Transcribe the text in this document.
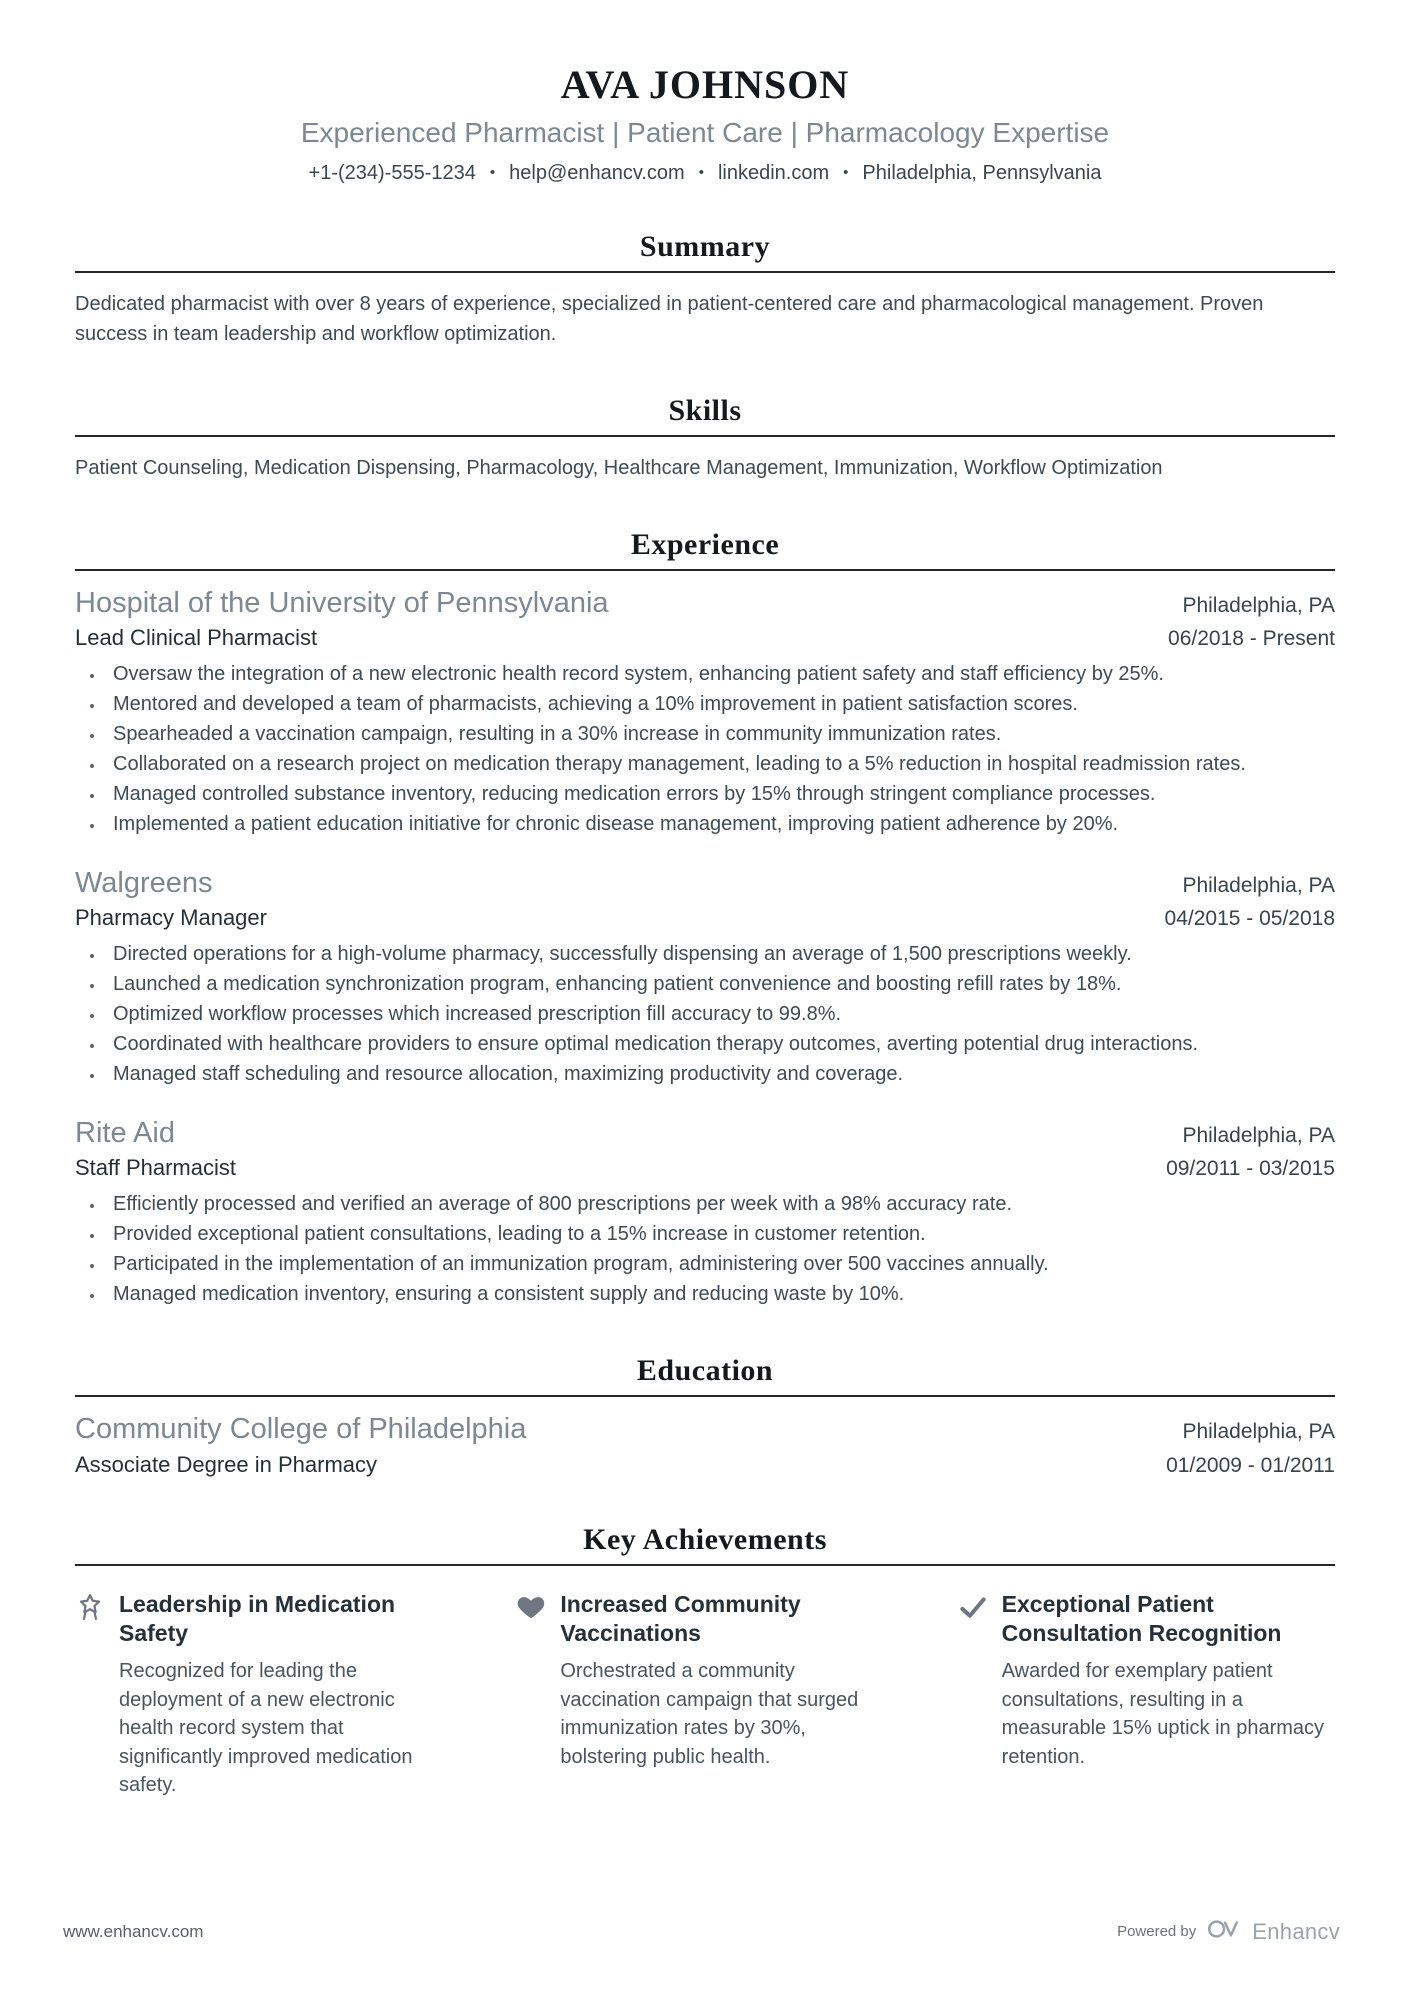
AVA JOHNSON
Experienced Pharmacist | Patient Care | Pharmacology Expertise
+1-(234)-555-1234 • help@enhancv.com • linkedin.com • Philadelphia, Pennsylvania
Summary

Dedicated pharmacist with over 8 years of experience, specialized in patient-centered care and pharmacological management. Proven success in team leadership and workflow optimization.

Skills

Patient Counseling, Medication Dispensing, Pharmacology, Healthcare Management, Immunization, Workflow Optimization

Experience
Hospital of the University of Pennsylvania	Philadelphia, PA
Lead Clinical Pharmacist	06/2018 - Present
• Oversaw the integration of a new electronic health record system, enhancing patient safety and staff efficiency by 25%.
• Mentored and developed a team of pharmacists, achieving a 10% improvement in patient satisfaction scores.
• Spearheaded a vaccination campaign, resulting in a 30% increase in community immunization rates.
• Collaborated on a research project on medication therapy management, leading to a 5% reduction in hospital readmission rates.
• Managed controlled substance inventory, reducing medication errors by 15% through stringent compliance processes.
• Implemented a patient education initiative for chronic disease management, improving patient adherence by 20%.
Walgreens	Philadelphia, PA
Pharmacy Manager	04/2015 - 05/2018
• Directed operations for a high-volume pharmacy, successfully dispensing an average of 1,500 prescriptions weekly.
• Launched a medication synchronization program, enhancing patient convenience and boosting refill rates by 18%.
• Optimized workflow processes which increased prescription fill accuracy to 99.8%.
• Coordinated with healthcare providers to ensure optimal medication therapy outcomes, averting potential drug interactions.
• Managed staff scheduling and resource allocation, maximizing productivity and coverage.
Rite Aid	Philadelphia, PA
Staff Pharmacist	09/2011 - 03/2015
• Efficiently processed and verified an average of 800 prescriptions per week with a 98% accuracy rate.
• Provided exceptional patient consultations, leading to a 15% increase in customer retention.
• Participated in the implementation of an immunization program, administering over 500 vaccines annually.
• Managed medication inventory, ensuring a consistent supply and reducing waste by 10%.
Education
Community College of Philadelphia	Philadelphia, PA
Associate Degree in Pharmacy	01/2009 - 01/2011
Key Achievements
Leadership in Medication Safety

Recognized for leading the deployment of a new electronic health record system that significantly improved medication safety.

Increased Community Vaccinations

Orchestrated a community vaccination campaign that surged immunization rates by 30%, bolstering public health.

Exceptional Patient Consultation Recognition

Awarded for exemplary patient consultations, resulting in a measurable 15% uptick in pharmacy retention.

www.enhancv.com	Powered by	Enhancv
